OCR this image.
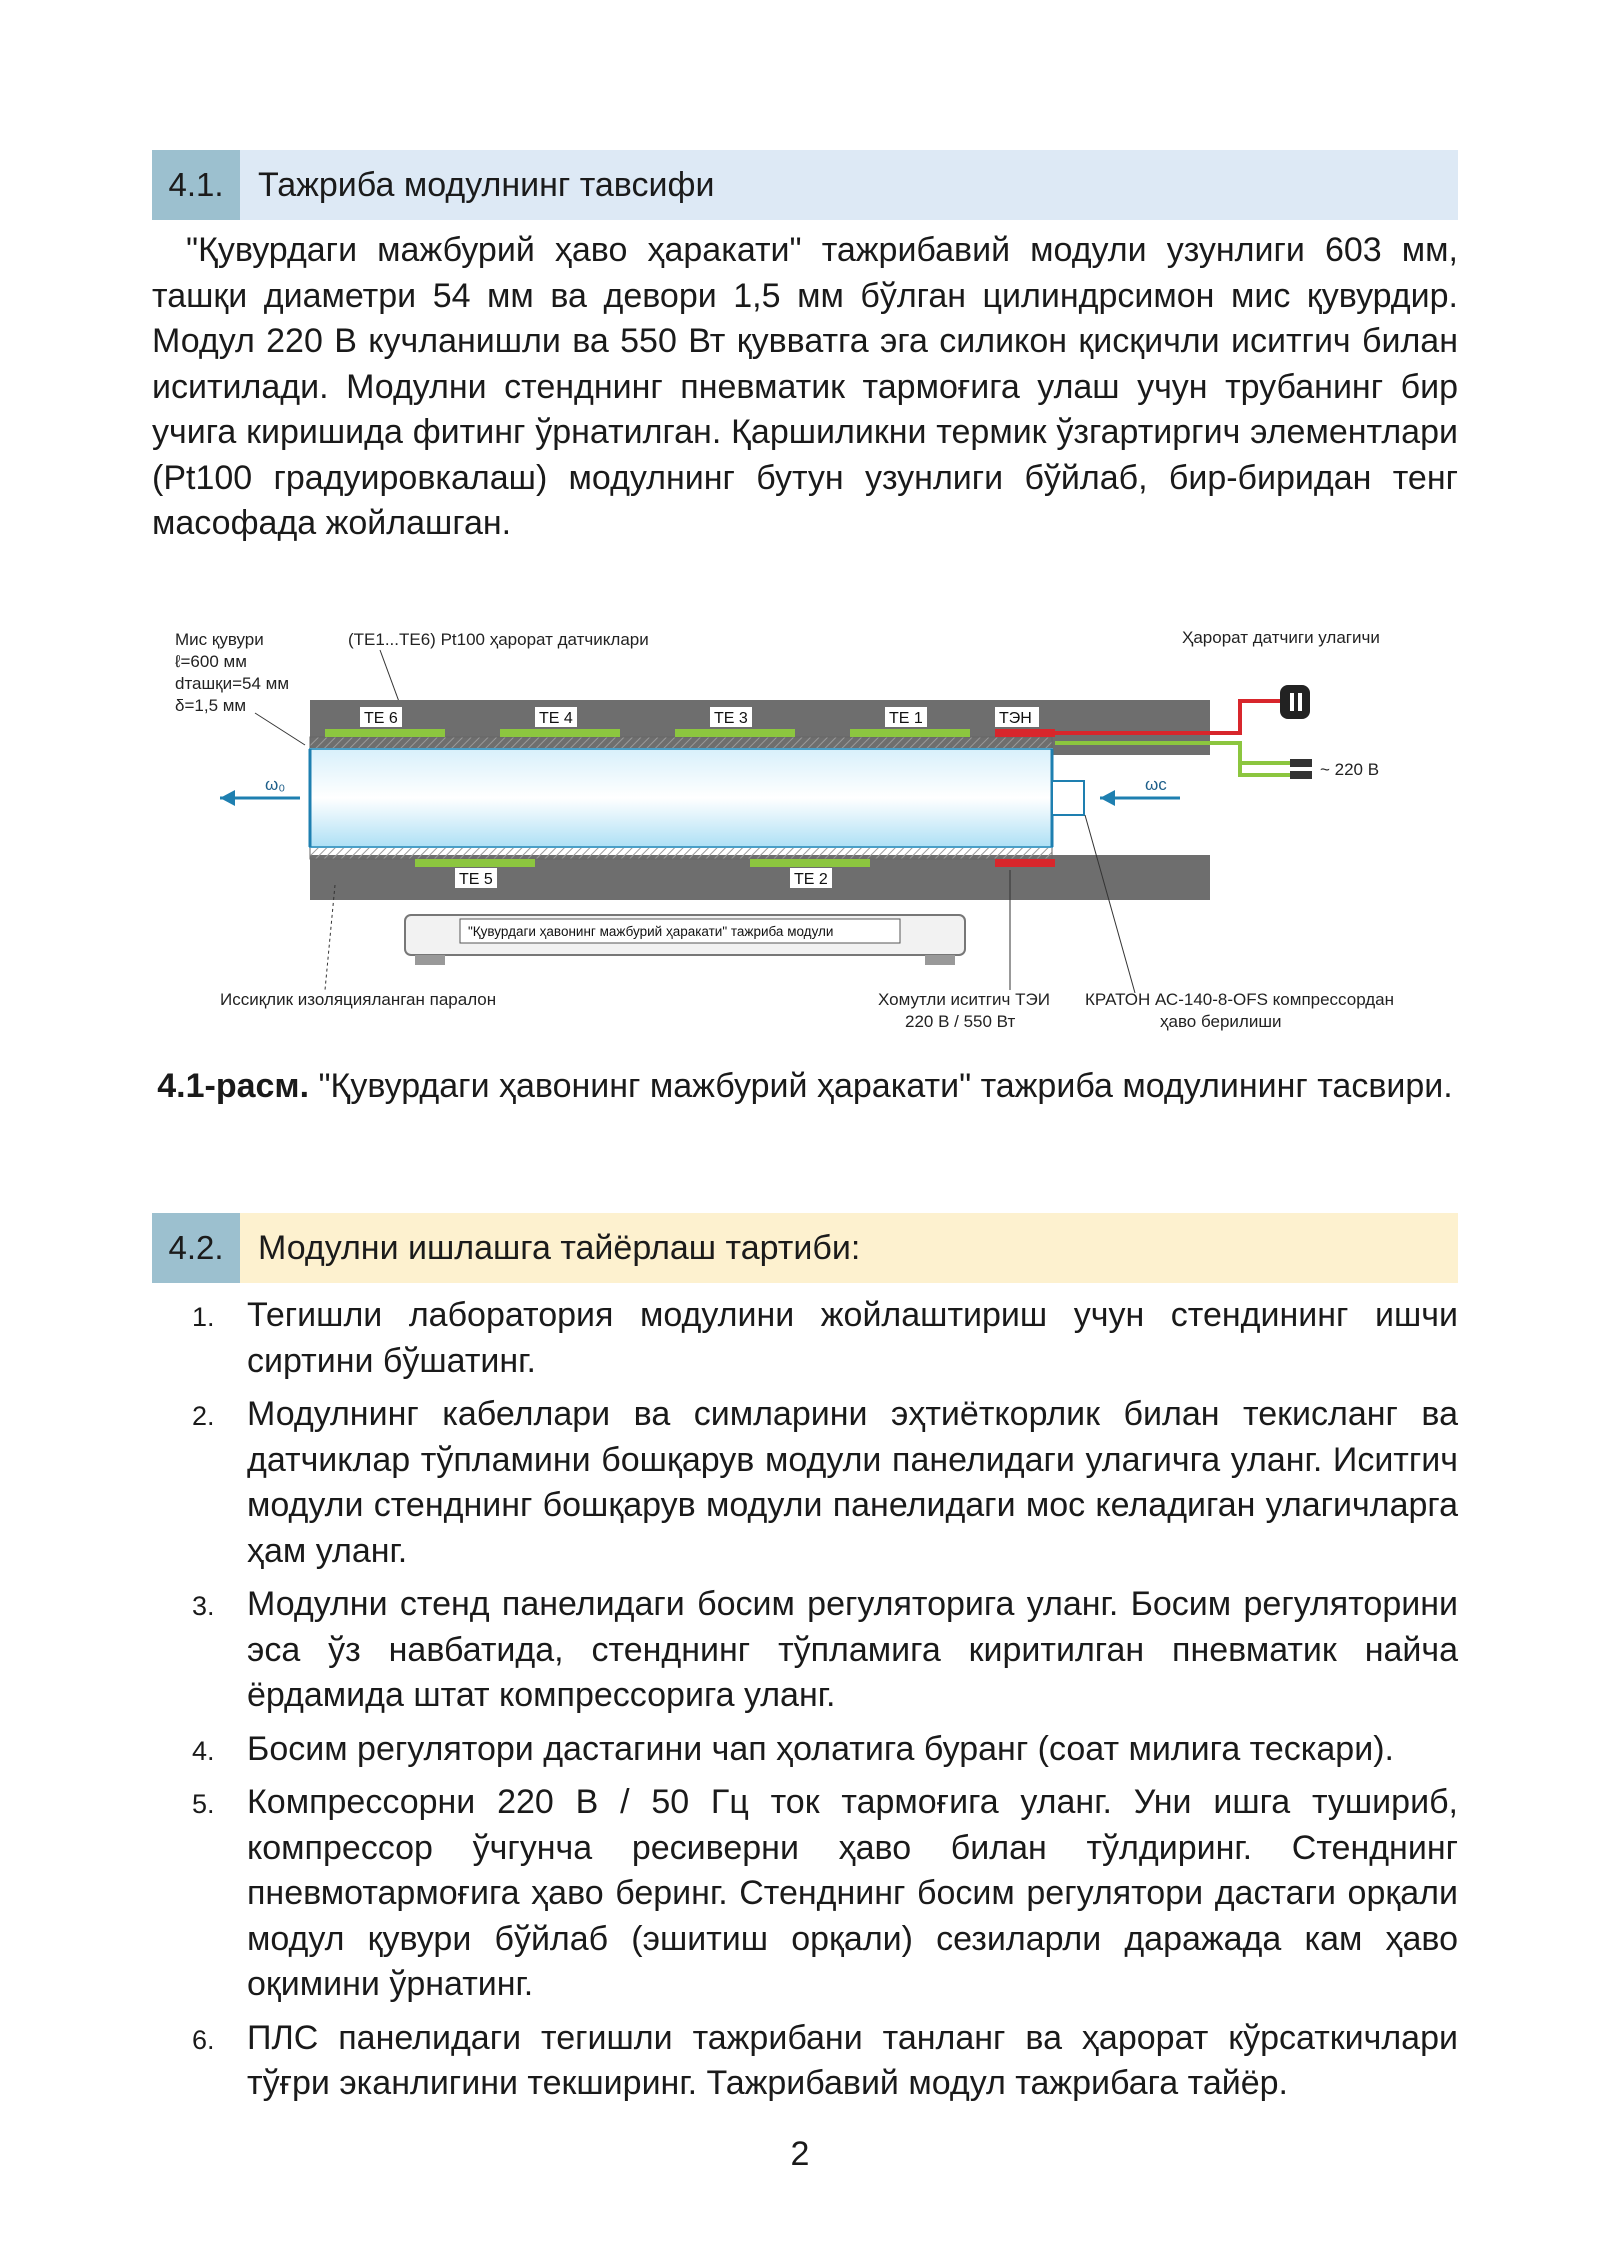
4.1.	Тажриба модулнинг тавсифи

"Қувурдаги мажбурий ҳаво ҳаракати" тажрибавий модули узунлиги 603 мм, ташқи диаметри 54 мм ва девори 1,5 мм бўлган цилиндрсимон мис қувурдир. Модул 220 В кучланишли ва 550 Вт қувватга эга силикон қисқичли иситгич билан иситилади. Модулни стенднинг пневматик тармоғига улаш учун трубанинг бир учига киришида фитинг ўрнатилган. Қаршиликни термик ўзгартиргич элементлари (Pt100 градуировкалаш) модулнинг бутун узунлиги бўйлаб, бир-биридан тенг масофада жойлашган.

Мис қувури
ℓ=600 мм
dташқи=54 мм
δ=1,5 мм
(TE1...TE6) Pt100 ҳарорат датчиклари	Ҳарорат датчиги улагичи
TE 6	TE 4	TE 3	TE 1	ТЭН
TE 5	TE 2
ω₀	ωc
~ 220 В
"Қувурдаги ҳавонинг мажбурий ҳаракати" тажриба модули
Иссиқлик изоляцияланган паралон	Хомутли иситгич ТЭИ
220 В / 550 Вт
КРАТОН АС-140-8-OFS компрессордан
ҳаво берилиши

4.1-расм. "Қувурдаги ҳавонинг мажбурий ҳаракати" тажриба модулининг тасвири.

4.2.	Модулни ишлашга тайёрлаш тартиби:
1. Тегишли лаборатория модулини жойлаштириш учун стендининг ишчи сиртини бўшатинг.
2. Модулнинг кабеллари ва симларини эҳтиёткорлик билан текисланг ва датчиклар тўпламини бошқарув модули панелидаги улагичга уланг. Иситгич модули стенднинг бошқарув модули панелидаги мос келадиган улагичларга ҳам уланг.
3. Модулни стенд панелидаги босим регуляторига уланг. Босим регуляторини эса ўз навбатида, стенднинг тўпламига киритилган пневматик найча ёрдамида штат компрессорига уланг.
4. Босим регулятори дастагини чап ҳолатига буранг (соат милига тескари).
5. Компрессорни 220 В / 50 Гц ток тармоғига уланг. Уни ишга тушириб, компрессор ўчгунча ресиверни ҳаво билан тўлдиринг. Стенднинг пневмотармоғига ҳаво беринг. Стенднинг босим регулятори дастаги орқали модул қувури бўйлаб (эшитиш орқали) сезиларли даражада кам ҳаво оқимини ўрнатинг.
6. ПЛС панелидаги тегишли тажрибани танланг ва ҳарорат кўрсаткичлари тўғри эканлигини текширинг. Тажрибавий модул тажрибага тайёр.
2
